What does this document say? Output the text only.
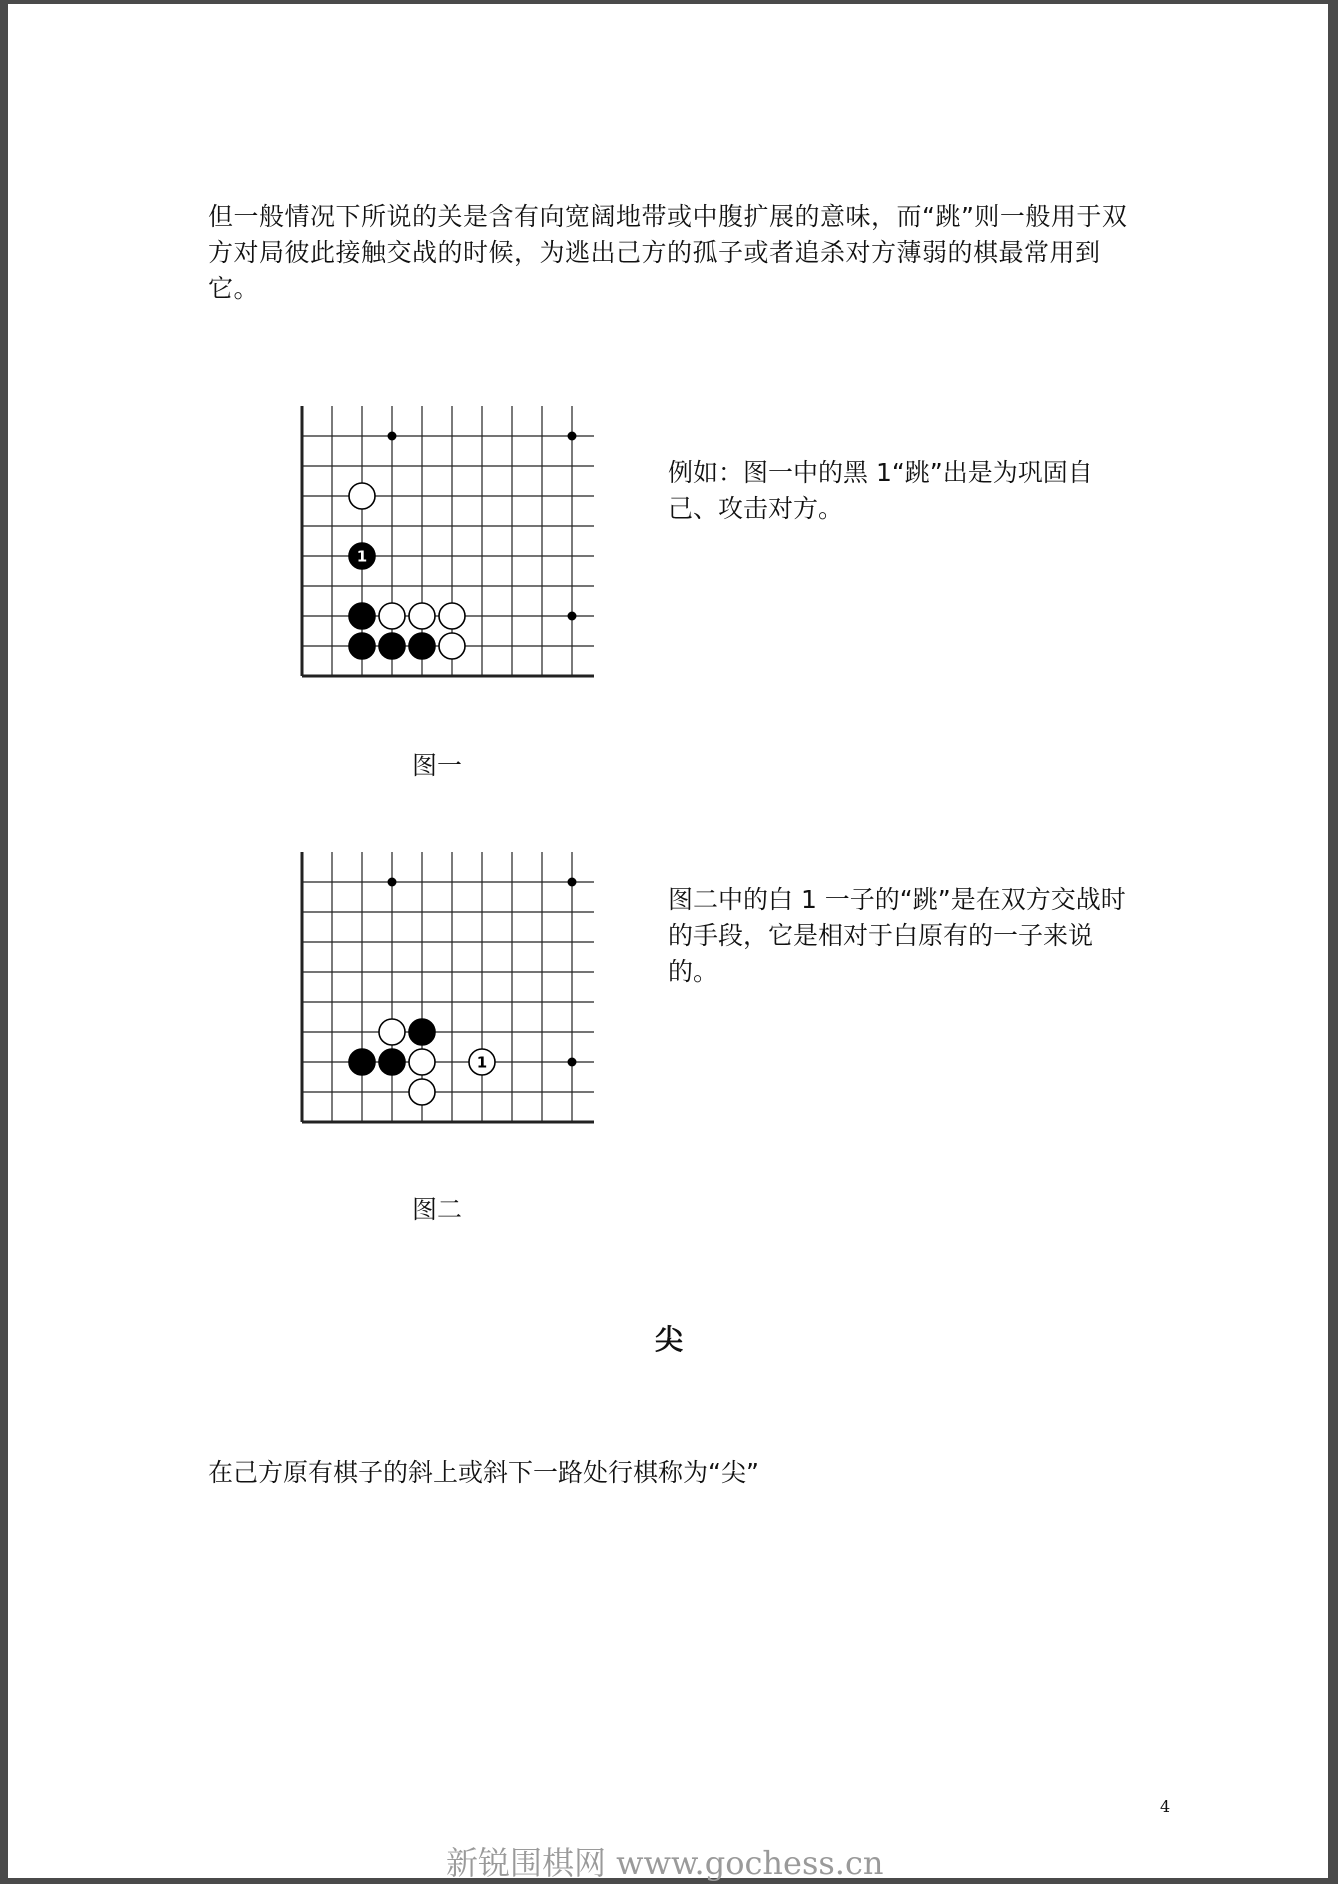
但一般情况下所说的关是含有向宽阔地带或中腹扩展的意味，而“跳”则一般用于双方对局彼此接触交战的时候，为逃出己方的孤子或者追杀对方薄弱的棋最常用到它。

1

图一

例如：图一中的黑 1“跳”出是为巩固自己、攻击对方。

1

图二

图二中的白 1 一子的“跳”是在双方交战时的手段，它是相对于白原有的一子来说的。

尖

在己方原有棋子的斜上或斜下一路处行棋称为“尖”

4

新锐围棋网 www.gochess.cn
